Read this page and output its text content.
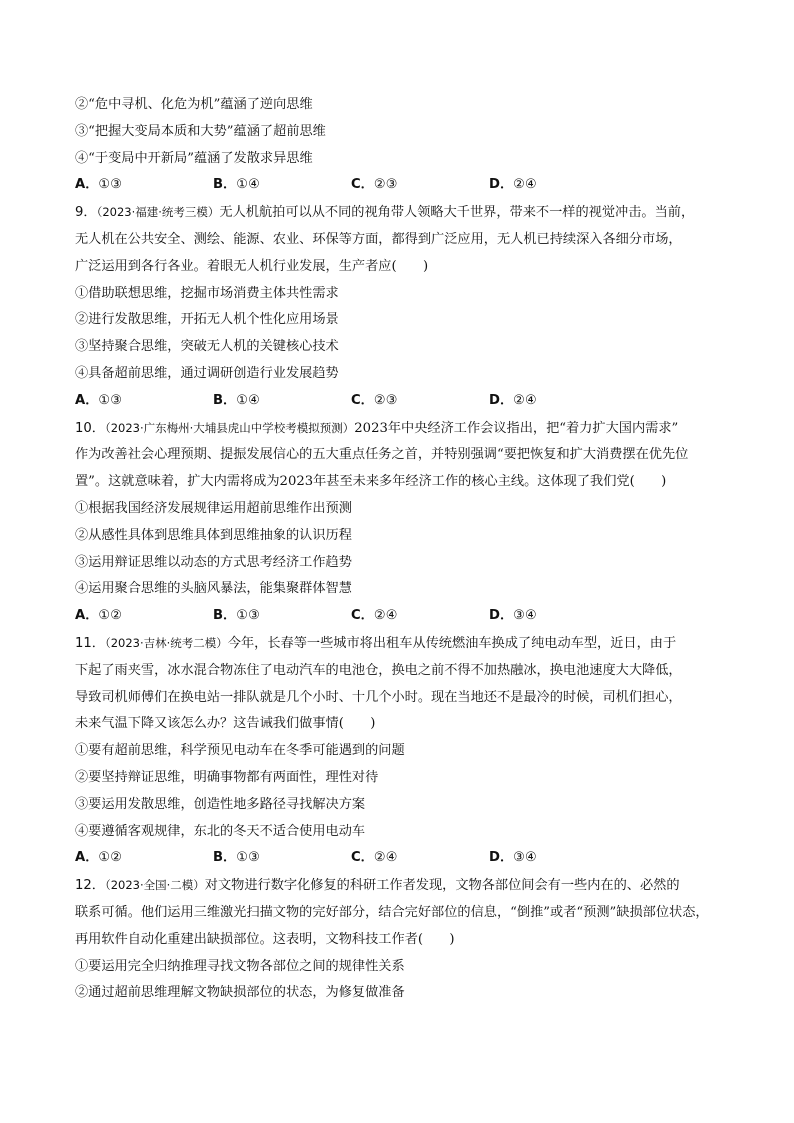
②“危中寻机、化危为机”蕴涵了逆向思维
③“把握大变局本质和大势”蕴涵了超前思维
④“于变局中开新局”蕴涵了发散求异思维
A．①③	B．①④	C．②③	D．②④
9．（2023·福建·统考三模）无人机航拍可以从不同的视角带人领略大千世界，带来不一样的视觉冲击。当前，
无人机在公共安全、测绘、能源、农业、环保等方面，都得到广泛应用，无人机已持续深入各细分市场，
广泛运用到各行各业。着眼无人机行业发展，生产者应(　　)
①借助联想思维，挖掘市场消费主体共性需求
②进行发散思维，开拓无人机个性化应用场景
③坚持聚合思维，突破无人机的关键核心技术
④具备超前思维，通过调研创造行业发展趋势
A．①③	B．①④	C．②③	D．②④
10．（2023·广东梅州·大埔县虎山中学校考模拟预测）2023年中央经济工作会议指出，把“着力扩大国内需求”
作为改善社会心理预期、提振发展信心的五大重点任务之首，并特别强调“要把恢复和扩大消费摆在优先位
置”。这就意味着，扩大内需将成为2023年甚至未来多年经济工作的核心主线。这体现了我们党(　　)
①根据我国经济发展规律运用超前思维作出预测
②从感性具体到思维具体到思维抽象的认识历程
③运用辩证思维以动态的方式思考经济工作趋势
④运用聚合思维的头脑风暴法，能集聚群体智慧
A．①②	B．①③	C．②④	D．③④
11．（2023·吉林·统考二模）今年，长春等一些城市将出租车从传统燃油车换成了纯电动车型，近日，由于
下起了雨夹雪，冰水混合物冻住了电动汽车的电池仓，换电之前不得不加热融冰，换电池速度大大降低，
导致司机师傅们在换电站一排队就是几个小时、十几个小时。现在当地还不是最冷的时候，司机们担心，
未来气温下降又该怎么办？这告诫我们做事情(　　)
①要有超前思维，科学预见电动车在冬季可能遇到的问题
②要坚持辩证思维，明确事物都有两面性，理性对待
③要运用发散思维，创造性地多路径寻找解决方案
④要遵循客观规律，东北的冬天不适合使用电动车
A．①②	B．①③	C．②④	D．③④
12．（2023·全国·二模）对文物进行数字化修复的科研工作者发现，文物各部位间会有一些内在的、必然的
联系可循。他们运用三维激光扫描文物的完好部分，结合完好部位的信息，“倒推”或者“预测”缺损部位状态，
再用软件自动化重建出缺损部位。这表明，文物科技工作者(　　)
①要运用完全归纳推理寻找文物各部位之间的规律性关系
②通过超前思维理解文物缺损部位的状态，为修复做准备
